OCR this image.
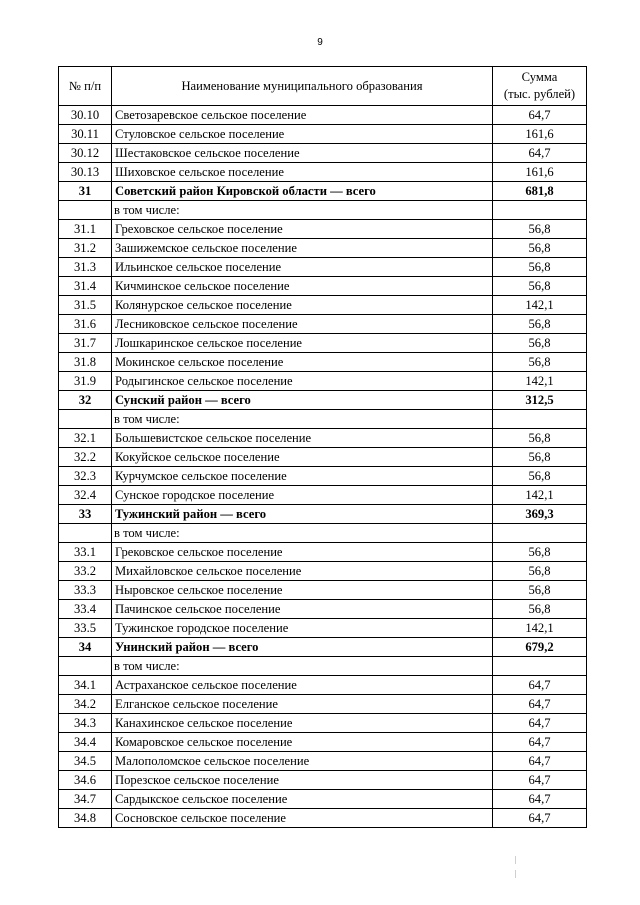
9
№ п/п	Наименование муниципального образования	Сумма
(тыс. рублей)
30.10	Светозаревское сельское поселение	64,7
30.11	Стуловское сельское поселение	161,6
30.12	Шестаковское сельское поселение	64,7
30.13	Шиховское сельское поселение	161,6
31	Советский район Кировской области — всего	681,8
	в том числе:	
31.1	Греховское сельское поселение	56,8
31.2	Зашижемское сельское поселение	56,8
31.3	Ильинское сельское поселение	56,8
31.4	Кичминское сельское поселение	56,8
31.5	Колянурское сельское поселение	142,1
31.6	Лесниковское сельское поселение	56,8
31.7	Лошкаринское сельское поселение	56,8
31.8	Мокинское сельское поселение	56,8
31.9	Родыгинское сельское поселение	142,1
32	Сунский район — всего	312,5
	в том числе:	
32.1	Большевистское сельское поселение	56,8
32.2	Кокуйское сельское поселение	56,8
32.3	Курчумское сельское поселение	56,8
32.4	Сунское городское поселение	142,1
33	Тужинский район — всего	369,3
	в том числе:	
33.1	Грековское сельское поселение	56,8
33.2	Михайловское сельское поселение	56,8
33.3	Ныровское сельское поселение	56,8
33.4	Пачинское сельское поселение	56,8
33.5	Тужинское городское поселение	142,1
34	Унинский район — всего	679,2
	в том числе:	
34.1	Астраханское сельское поселение	64,7
34.2	Елганское сельское поселение	64,7
34.3	Канахинское сельское поселение	64,7
34.4	Комаровское сельское поселение	64,7
34.5	Малополомское сельское поселение	64,7
34.6	Порезское сельское поселение	64,7
34.7	Сардыкское сельское поселение	64,7
34.8	Сосновское сельское поселение	64,7
